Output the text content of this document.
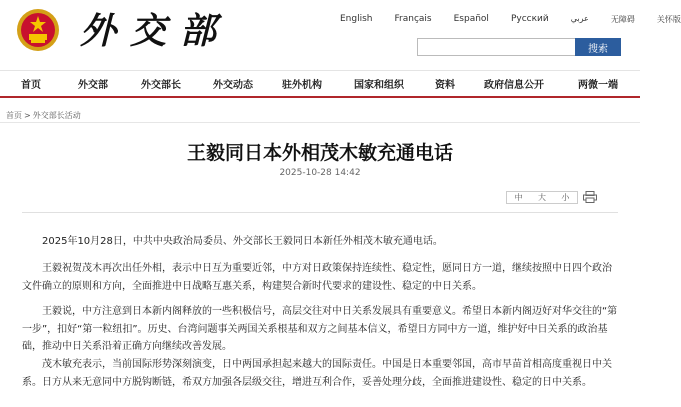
外交部	English Français Español Русский	عربي	无障碍	关怀版
搜索
首页	外交部	外交部长	外交动态	驻外机构	国家和组织	资料	政府信息公开	两微一端
首页 > 外交部长活动
王毅同日本外相茂木敏充通电话
2025-10-28 14:42
中 大 小

2025年10月28日，中共中央政治局委员、外交部长王毅同日本新任外相茂木敏充通电话。

王毅祝贺茂木再次出任外相，表示中日互为重要近邻，中方对日政策保持连续性、稳定性，愿同日方一道，继续按照中日四个政治文件确立的原则和方向，全面推进中日战略互惠关系，构建契合新时代要求的建设性、稳定的中日关系。

王毅说，中方注意到日本新内阁释放的一些积极信号，高层交往对中日关系发展具有重要意义。希望日本新内阁迈好对华交往的“第一步”，扣好“第一粒纽扣”。历史、台湾问题事关两国关系根基和双方之间基本信义，希望日方同中方一道，维护好中日关系的政治基础，推动中日关系沿着正确方向继续改善发展。

茂木敏充表示，当前国际形势深刻演变，日中两国承担起来越大的国际责任。中国是日本重要邻国，高市早苗首相高度重视日中关系。日方从来无意同中方脱钩断链，希双方加强各层级交往，增进互利合作，妥善处理分歧，全面推进建设性、稳定的日中关系。
